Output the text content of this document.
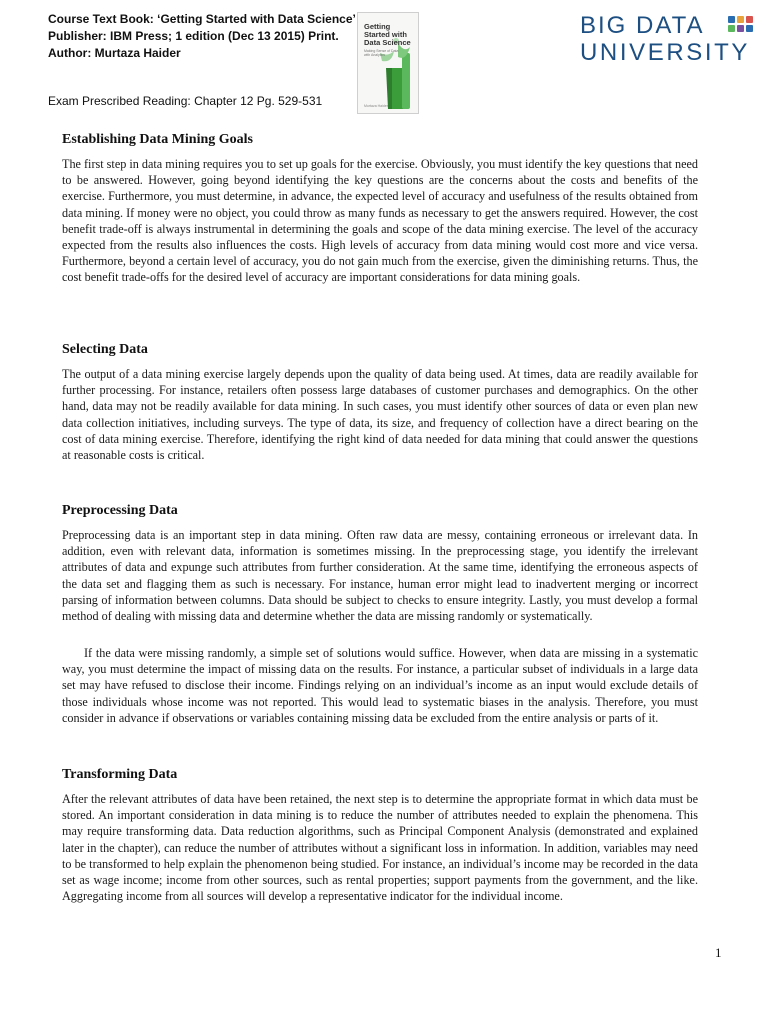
Course Text Book: ‘Getting Started with Data Science’
Publisher: IBM Press; 1 edition (Dec 13 2015) Print.
Author: Murtaza Haider
Exam Prescribed Reading: Chapter 12 Pg. 529-531
Getting Started with Data Science
Making Sense of Data with Analytics
Murtaza Haider
BIG DATA
UNIVERSITY
Establishing Data Mining Goals

The first step in data mining requires you to set up goals for the exercise. Obviously, you must identify the key questions that need to be answered. However, going beyond identifying the key questions are the concerns about the costs and benefits of the exercise. Furthermore, you must determine, in advance, the expected level of accuracy and usefulness of the results obtained from data mining. If money were no object, you could throw as many funds as necessary to get the answers required. However, the cost benefit trade-off is always instrumental in determining the goals and scope of the data mining exercise. The level of the accuracy expected from the results also influences the costs. High levels of accuracy from data mining would cost more and vice versa. Furthermore, beyond a certain level of accuracy, you do not gain much from the exercise, given the diminishing returns. Thus, the cost benefit trade-offs for the desired level of accuracy are important considerations for data mining goals.

Selecting Data

The output of a data mining exercise largely depends upon the quality of data being used. At times, data are readily available for further processing. For instance, retailers often possess large databases of customer purchases and demographics. On the other hand, data may not be readily available for data mining. In such cases, you must identify other sources of data or even plan new data collection initiatives, including surveys. The type of data, its size, and frequency of collection have a direct bearing on the cost of data mining exercise. Therefore, identifying the right kind of data needed for data mining that could answer the questions at reasonable costs is critical.

Preprocessing Data

Preprocessing data is an important step in data mining. Often raw data are messy, containing erroneous or irrelevant data. In addition, even with relevant data, information is sometimes missing. In the preprocessing stage, you identify the irrelevant attributes of data and expunge such attributes from further consideration. At the same time, identifying the erroneous aspects of the data set and flagging them as such is necessary. For instance, human error might lead to inadvertent merging or incorrect parsing of information between columns. Data should be subject to checks to ensure integrity. Lastly, you must develop a formal method of dealing with missing data and determine whether the data are missing randomly or systematically.

If the data were missing randomly, a simple set of solutions would suffice. However, when data are missing in a systematic way, you must determine the impact of missing data on the results. For instance, a particular subset of individuals in a large data set may have refused to disclose their income. Findings relying on an individual’s income as an input would exclude details of those individuals whose income was not reported. This would lead to systematic biases in the analysis. Therefore, you must consider in advance if observations or variables containing missing data be excluded from the entire analysis or parts of it.

Transforming Data

After the relevant attributes of data have been retained, the next step is to determine the appropriate format in which data must be stored. An important consideration in data mining is to reduce the number of attributes needed to explain the phenomena. This may require transforming data. Data reduction algorithms, such as Principal Component Analysis (demonstrated and explained later in the chapter), can reduce the number of attributes without a significant loss in information. In addition, variables may need to be transformed to help explain the phenomenon being studied. For instance, an individual’s income may be recorded in the data set as wage income; income from other sources, such as rental properties; support payments from the government, and the like. Aggregating income from all sources will develop a representative indicator for the individual income.

1
